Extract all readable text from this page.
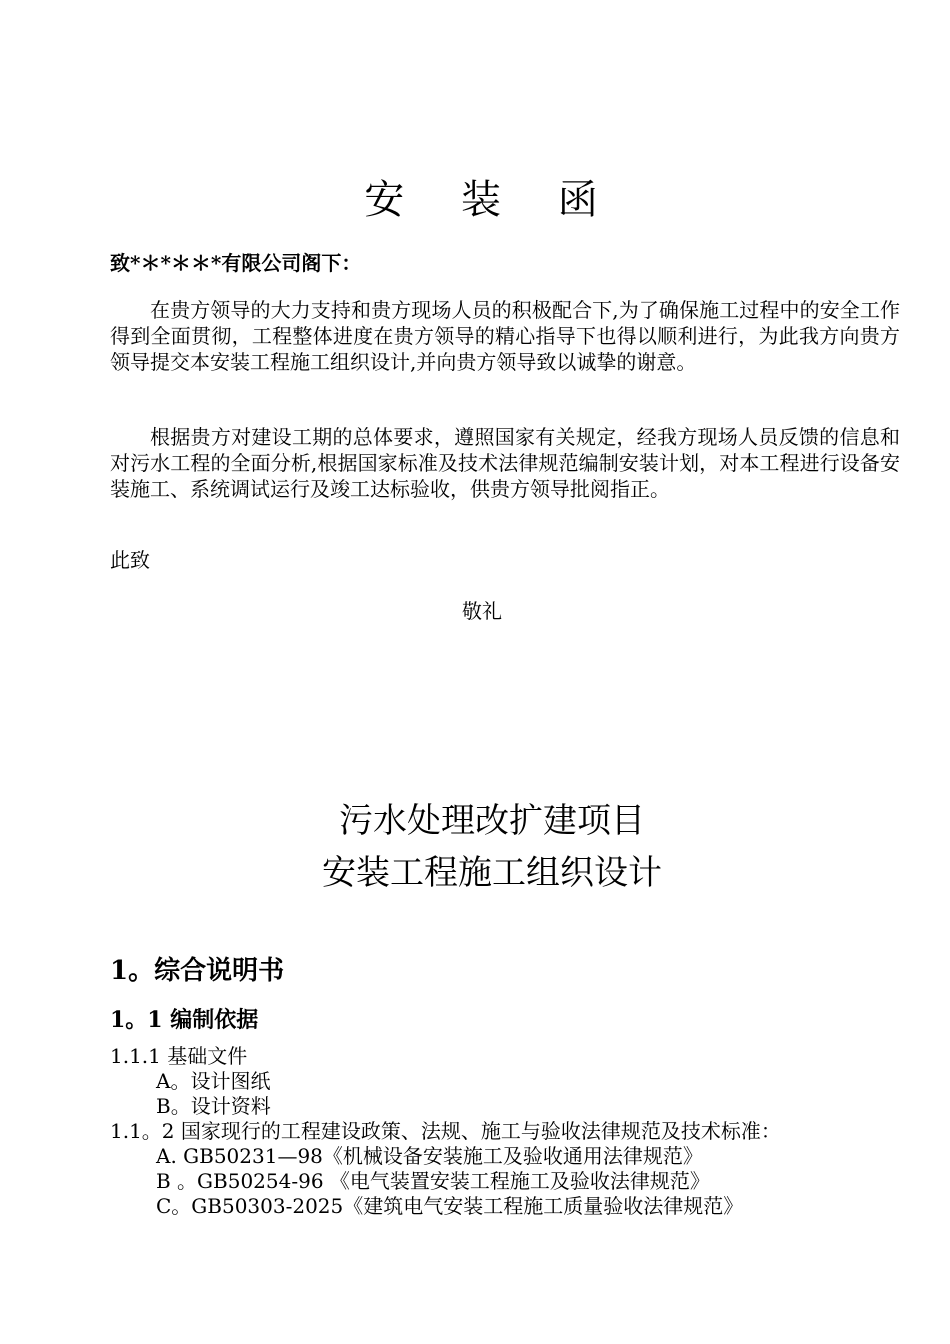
安 装 函
致*＊*＊＊*有限公司阁下：

在贵方领导的大力支持和贵方现场人员的积极配合下,为了确保施工过程中的安全工作得到全面贯彻，工程整体进度在贵方领导的精心指导下也得以顺利进行，为此我方向贵方领导提交本安装工程施工组织设计,并向贵方领导致以诚挚的谢意。

根据贵方对建设工期的总体要求，遵照国家有关规定，经我方现场人员反馈的信息和对污水工程的全面分析,根据国家标准及技术法律规范编制安装计划，对本工程进行设备安装施工、系统调试运行及竣工达标验收，供贵方领导批阅指正。

此致
敬礼
污水处理改扩建项目
安装工程施工组织设计
1。综合说明书
1。1 编制依据
1.1.1 基础文件
A。设计图纸
B。设计资料
1.1。2 国家现行的工程建设政策、法规、施工与验收法律规范及技术标准：
A. GB50231—98《机械设备安装施工及验收通用法律规范》
B 。GB50254-96 《电气装置安装工程施工及验收法律规范》
C。GB50303-2025《建筑电气安装工程施工质量验收法律规范》
